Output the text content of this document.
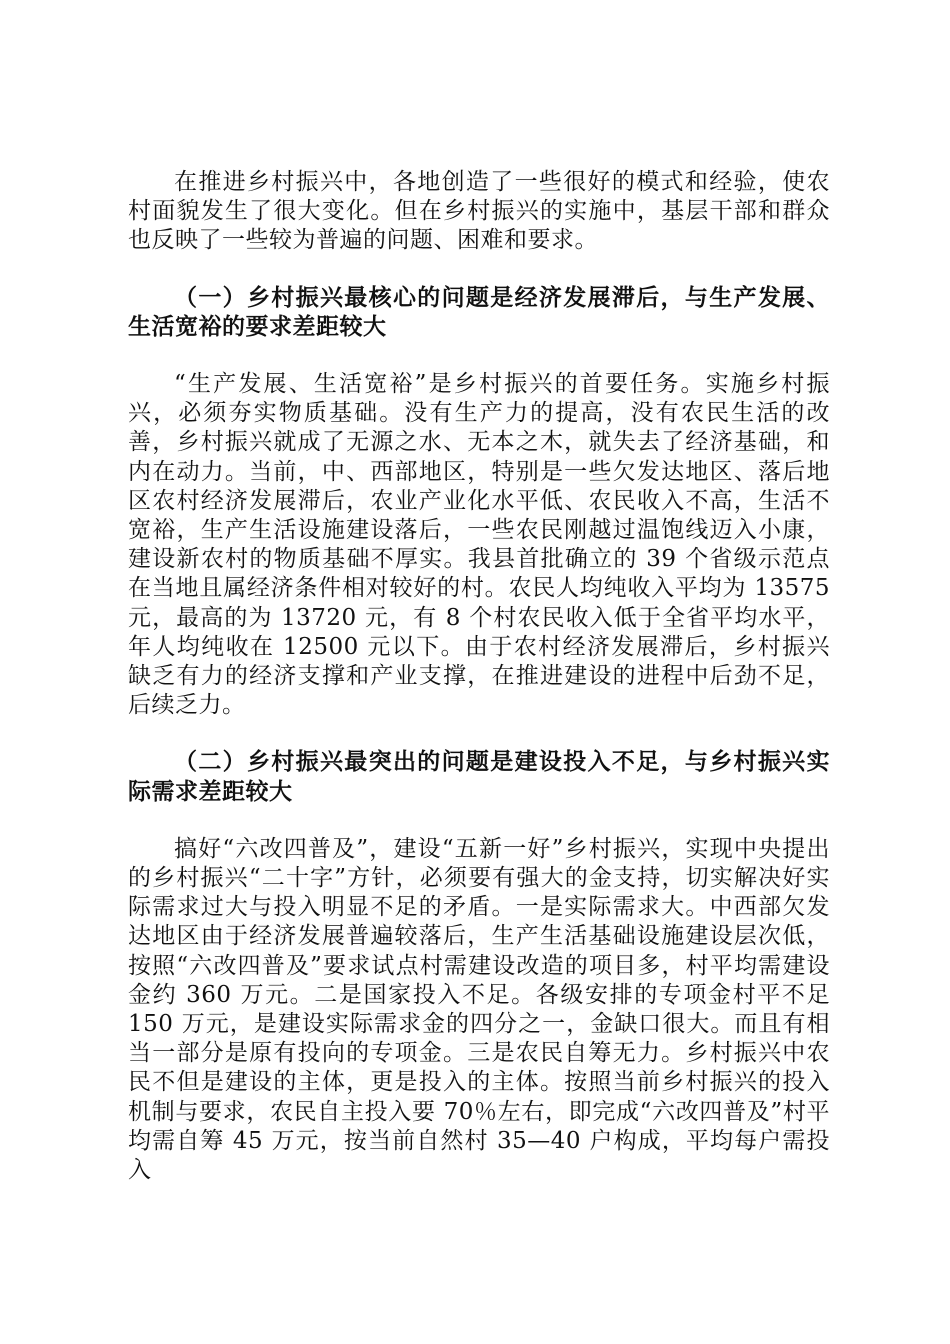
在推进乡村振兴中，各地创造了一些很好的模式和经验，使农村面貌发生了很大变化。但在乡村振兴的实施中，基层干部和群众也反映了一些较为普遍的问题、困难和要求。

（一）乡村振兴最核心的问题是经济发展滞后，与生产发展、生活宽裕的要求差距较大

“生产发展、生活宽裕”是乡村振兴的首要任务。实施乡村振兴，必须夯实物质基础。没有生产力的提高，没有农民生活的改善，乡村振兴就成了无源之水、无本之木，就失去了经济基础，和内在动力。当前，中、西部地区，特别是一些欠发达地区、落后地区农村经济发展滞后，农业产业化水平低、农民收入不高，生活不宽裕，生产生活设施建设落后，一些农民刚越过温饱线迈入小康，建设新农村的物质基础不厚实。我县首批确立的 39 个省级示范点在当地且属经济条件相对较好的村。农民人均纯收入平均为 13575 元，最高的为 13720 元，有 8 个村农民收入低于全省平均水平，年人均纯收在 12500 元以下。由于农村经济发展滞后，乡村振兴缺乏有力的经济支撑和产业支撑，在推进建设的进程中后劲不足，后续乏力。

（二）乡村振兴最突出的问题是建设投入不足，与乡村振兴实际需求差距较大

搞好“六改四普及”，建设“五新一好”乡村振兴，实现中央提出的乡村振兴“二十字”方针，必须要有强大的金支持，切实解决好实际需求过大与投入明显不足的矛盾。一是实际需求大。中西部欠发达地区由于经济发展普遍较落后，生产生活基础设施建设层次低，按照“六改四普及”要求试点村需建设改造的项目多，村平均需建设金约 360 万元。二是国家投入不足。各级安排的专项金村平不足 150 万元，是建设实际需求金的四分之一，金缺口很大。而且有相当一部分是原有投向的专项金。三是农民自筹无力。乡村振兴中农民不但是建设的主体，更是投入的主体。按照当前乡村振兴的投入机制与要求，农民自主投入要 70％左右，即完成“六改四普及”村平均需自筹 45 万元，按当前自然村 35—40 户构成，平均每户需投入
